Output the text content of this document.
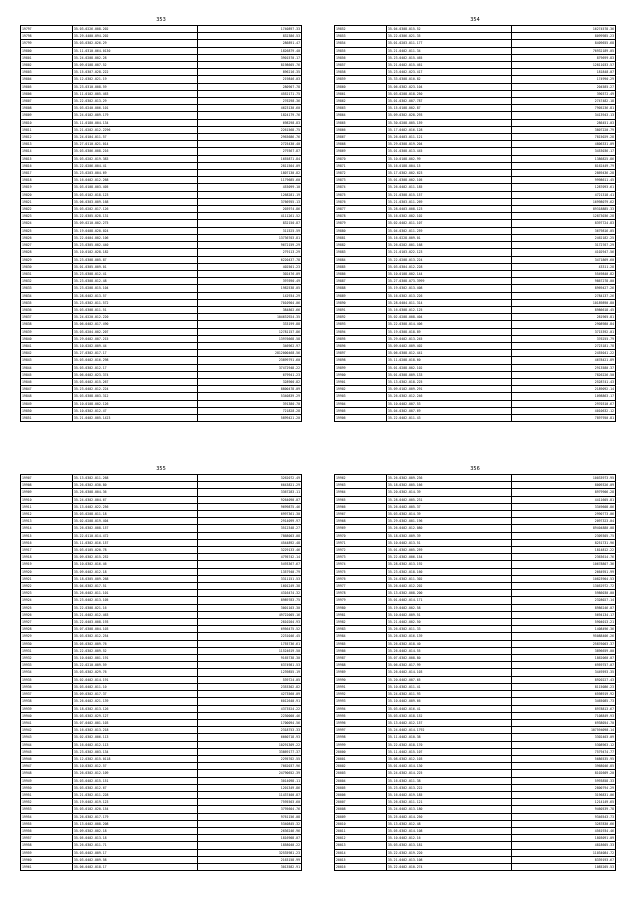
353
19797	35.03.0226.008.202	1740897.33
19798	35.29.4400.094.202	832386.53
19799	35.03.0302.026.29	286891.47
19800	35.11.0310.064.0130	1826879.40
19801	35.24.0208.002.28	3901570.17
19802	35.09.0108.007.52	8198605.76
19803	35.15.0307.028.222	896216.35
19804	35.12.0302.021.19	219846.03
19805	35.23.0310.008.59	280907.78
19806	35.11.0102.005.463	4552171.75
19807	35.22.0302.013.29	276298.36
19808	35.03.0240.006.101	4623130.60
19809	35.24.0102.009.179	1824179.76
19810	35.11.0180.004.134	698298.83
19811	35.21.0202.012.2296	2261568.75
19812	35.24.0104.011.57	2963686.76
19813	35.27.0110.021.014	2725430.40
19814	35.03.0306.008.216	279367.87
19815	35.03.0202.019.383	1655871.84
19816	35.22.0206.004.41	2811504.09
19817	35.23.0203.004.69	1807130.82
19818	35.16.0402.012.268	1179685.60
19819	35.03.0108.003.405	453099.10
19820	35.03.0102.018.123	1268281.19
19821	35.06.0303.009.168	3766955.13
19822	35.03.0202.017.126	203974.86
19823	35.22.0305.028.131	4111261.52
19824	35.09.0210.002.275	832150.87
19825	35.19.0408.020.024	311525.59
19826	35.22.0404.002.106	13736703.81
19827	35.23.0305.002.440	9672159.29
19828	35.10.0102.028.182	279113.29
19829	35.23.0308.005.87	6220437.78
19830	35.01.0305.009.01	402501.23
19831	35.23.0308.012.41	302476.09
19832	35.23.0308.012.48	397690.49
19833	35.23.0208.015.104	1982538.05
19834	35.28.0402.013.57	142934.29
19835	35.23.0302.011.572	7010904.06
19836	35.03.0308.011.51	384802.66
19837	35.24.0220.012.220	104632924.35
19838	35.06.0402.017.490	333199.88
19839	35.03.0204.002.207	12781157.86
19840	35.29.0402.007.215	13976668.58
19841	35.10.0202.009.44	346962.97
19842	35.27.0302.017.17	2812000468.56
19843	35.03.0402.016.298	23899791.60
19844	35.03.0302.012.17	37472948.22
19845	35.06.0402.023.374	679941.23
19846	35.03.0402.015.267	328900.82
19847	35.23.0402.012.224	8800478.09
19848	35.03.0308.003.312	5340839.29
19849	35.10.0108.002.126	391380.70
19850	35.10.0302.012.47	721828.28
19851	35.21.0402.005.1423	5899421.20
354
19852	35.04.0308.015.52	16274578.36
19853	35.22.0306.021.35	8099985.23
19854	35.01.0203.011.177	8409655.68
19855	35.21.0402.011.34	76932189.05
19856	35.23.0402.015.465	879699.83
19857	35.21.0402.015.461	12811033.57
19858	35.23.0402.023.417	181848.07
19859	35.33.0308.010.82	174990.29
19860	35.06.0302.023.104	204585.27
19861	35.03.0208.018.250	390372.49
19862	35.01.0302.007.787	2747482.18
19863	35.15.0108.002.87	7905236.81
19864	35.09.0302.028.293	3413943.13
19865	35.30.0208.005.159	286451.03
19866	35.17.0402.016.128	3807220.79
19867	35.26.0403.011.121	7815029.28
19868	35.29.0308.019.204	4806331.09
19869	35.01.0308.013.445	3453036.17
19870	35.10.0108.002.99	1386825.86
19871	35.16.0188.004.15	8162449.79
19872	35.17.0302.002.623	2869436.28
19873	35.01.0308.002.105	9998611.45
19874	35.26.0402.011.185	1287093.61
19875	35.21.0308.015.157	4721318.41
19876	35.21.0303.011.269	16998079.62
19877	35.28.0403.008.123	89318885.33
19878	35.16.0302.002.102	12873036.28
19879	35.02.0402.011.107	8397724.83
19880	35.04.0302.011.259	3679816.05
19881	35.16.0228.009.01	2462182.25
19882	35.26.0202.001.168	3172767.29
19883	35.21.0103.022.123	4102947.56
19884	35.22.0208.013.224	3471869.60
19885	35.03.0304.012.228	43311.28
19886	35.10.0108.002.144	5549840.82
19887	35.27.0308.073.3999	9867278.00
19888	35.19.0302.013.408	8969427.26
19889	35.16.0302.013.226	2784137.26
19890	35.28.0404.011.314	10189890.80
19891	35.16.0308.012.125	8986618.45
19892	35.02.0208.008.404	281905.81
19893	35.22.0308.014.406	2908980.84
19894	35.19.0308.018.89	3715392.01
19895	35.29.0402.013.245	376255.79
19896	35.09.0402.009.402	2723181.78
19897	35.06.0308.012.441	2455041.22
19898	35.11.0208.018.60	4678421.89
19899	35.01.0208.002.102	2913580.37
19900	35.01.0308.009.133	7826226.50
19901	35.13.0302.018.225	2528741.43
19902	35.09.0102.009.291	2189092.14
19903	35.26.0302.012.246	1098863.17
19904	35.10.0402.007.53	2970310.67
19905	35.04.0302.007.69	4010632.12
19906	35.22.0402.011.43	7897950.81
355
19907	35.13.0302.011.268	3262072.49
19908	35.26.0302.030.80	6643821.29
19909	35.26.0308.004.36	3367283.11
19910	35.24.0302.004.67	9264090.07
19911	35.13.0402.022.256	9699875.46
19912	35.03.0208.011.18	6997361.30
19913	35.02.0208.019.404	2914099.97
19914	35.26.0302.008.157	3512348.27
19915	35.22.0110.014.472	7868003.08
19916	35.11.0302.016.157	4544892.48
19917	35.03.0105.020.78	3229133.46
19918	35.09.0302.015.252	4795742.14
19919	35.10.0302.016.46	5493367.67
19920	35.09.0402.012.18	1357940.79
19921	35.18.0305.009.268	3311151.53
19922	35.04.0302.017.51	1601249.38
19923	35.26.0402.011.101	4316474.32
19924	35.23.0402.013.105	8989783.75
19925	35.22.0308.021.16	3001103.30
19926	35.21.0402.012.463	49722005.16
19927	35.22.0403.008.193	2810204.93
19928	35.07.0308.004.103	6956475.52
19929	35.03.0302.012.254	2231046.45
19930	35.05.0302.009.76	1755736.61
19931	35.22.0302.009.52	11524619.50
19932	35.10.0402.001.191	9165738.30
19933	35.22.0210.009.59	6374981.53
19934	35.03.0302.029.76	1239855.19
19935	35.02.0402.014.191	539724.05
19936	35.03.0402.011.10	2353302.82
19937	35.09.0302.017.37	4273560.09
19938	35.26.0402.021.139	6012640.91
19939	35.18.0302.013.126	4373524.22
19940	35.03.0302.029.127	2230000.46
19941	35.07.0402.001.103	1700094.56
19942	35.16.0302.013.218	2318753.33
19943	35.02.0302.006.113	6660718.93
19944	35.16.0402.012.113	10291309.22
19945	35.23.0302.003.134	33869177.37
19946	35.12.0302.015.0118	2295702.55
19947	35.10.0302.012.57	7662037.96
19948	35.26.0302.012.109	24790652.39
19949	35.03.0402.015.151	3014098.11
19950	35.03.0302.012.67	1201349.86
19951	35.21.0302.011.228	11437400.87
19952	35.19.0402.019.123	7595503.60
19953	35.03.0102.020.154	3795604.76
19954	35.26.0302.017.179	9761156.08
19955	35.13.0402.008.208	5340845.32
19956	35.09.0302.002.18	2636246.96
19957	35.05.0402.013.18	1816908.07
19958	35.26.0302.011.71	1858040.22
19959	35.03.0402.009.17	32535981.23
19960	35.03.0402.009.58	2163158.99
19961	35.06.0402.018.17	3013582.91
356
19962	35.26.0302.009.236	10033973.95
19963	35.18.0302.005.166	8009326.09
19964	35.20.0302.014.39	8979906.28
19965	35.28.0402.005.231	4411605.81
19966	35.26.0402.005.37	3349608.86
19967	35.03.0302.014.39	2990773.06
19968	35.29.0302.001.196	2097323.04
19969	35.26.0402.012.080	89404880.08
19970	35.18.0302.009.39	2309305.75
19971	35.10.0402.013.51	8251731.96
19972	35.01.0302.005.259	1814812.22
19973	35.22.0302.006.154	2363614.76
19974	35.28.0302.013.192	10678807.36
19975	35.23.0302.018.160	2664951.99
19976	35.24.0302.011.302	10823904.53
19977	35.26.0402.012.202	13052972.72
19978	35.13.0302.008.200	5986030.00
19979	35.01.0402.014.171	2328027.14
19980	35.19.0402.002.58	8986246.07
19981	35.10.0402.009.51	5694134.17
19982	35.21.0402.002.50	5904013.21
19983	35.26.0302.011.33	1408496.36
19984	35.26.0302.016.139	95088406.26
19985	35.26.0302.018.40	25876003.37
19986	35.26.0402.014.55	3896659.00
19987	35.07.0302.008.80	1862060.07
19988	35.06.0302.017.99	6959757.07
19989	35.26.0402.014.103	3449593.35
19990	35.20.0402.007.65	8920227.43
19991	35.10.0302.011.41	8115086.23
19992	35.24.0302.011.93	6598919.92
19993	35.10.0402.009.66	3465085.73
19994	35.03.0402.016.41	8978813.67
19995	35.03.0302.018.152	7108849.93
19996	35.13.0402.012.157	6938054.70
19997	35.24.0402.014.1792	107594098.14
19998	35.11.0402.010.38	3302403.09
19999	35.22.0302.018.170	5308963.12
20000	35.11.0402.015.107	7579474.77
20001	35.08.0302.012.103	5686535.95
20002	35.01.0402.014.130	3968046.85
20003	35.24.0302.014.225	8102609.20
20004	35.16.0302.011.38	5993858.33
20005	35.23.0302.013.222	2800794.29
20006	35.16.0402.019.185	3196831.06
20007	35.26.0302.011.121	1214149.65
20008	35.24.0402.013.180	9460539.78
20009	35.25.0402.014.250	9346543.73
20010	35.13.0302.012.48	3287830.66
20011	35.05.0302.014.108	4561934.46
20012	35.10.0402.012.16	1803091.09
20013	35.03.0302.013.181	4818605.33
20014	35.22.0302.019.220	11034084.72
20015	35.21.0402.013.108	8339193.67
20016	35.22.0402.010.274	1085205.53
